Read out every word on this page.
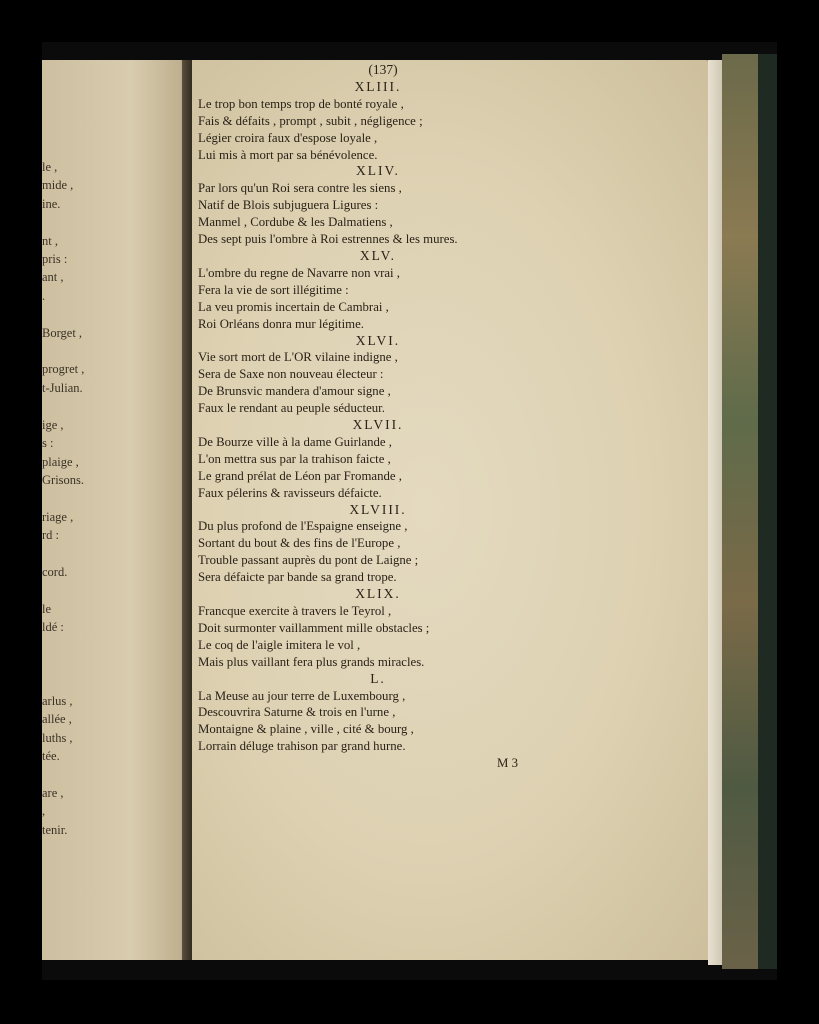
le ,
mide ,
ine.

nt ,
pris :
ant ,
.

Borget ,

progret ,
t-Julian.

ige ,
s :
plaige ,
Grisons.

riage ,
rd :

cord.

le
ldé :

arlus ,
allée ,
luths ,
tée.

are ,
,
tenir.
(137)
XLIII.
Le trop bon temps trop de bonté royale ,
Fais & défaits , prompt , subit , négligence ;
Légier croira faux d'espose loyale ,
Lui mis à mort par sa bénévolence.
XLIV.
Par lors qu'un Roi sera contre les siens ,
Natif de Blois subjuguera Ligures :
Manmel , Cordube & les Dalmatiens ,
Des sept puis l'ombre à Roi estrennes & les mures.
XLV.
L'ombre du regne de Navarre non vrai ,
Fera la vie de sort illégitime :
La veu promis incertain de Cambrai ,
Roi Orléans donra mur légitime.
XLVI.
Vie sort mort de L'OR vilaine indigne ,
Sera de Saxe non nouveau électeur :
De Brunsvic mandera d'amour signe ,
Faux le rendant au peuple séducteur.
XLVII.
De Bourze ville à la dame Guirlande ,
L'on mettra sus par la trahison faicte ,
Le grand prélat de Léon par Fromande ,
Faux pélerins & ravisseurs défaicte.
XLVIII.
Du plus profond de l'Espaigne enseigne ,
Sortant du bout & des fins de l'Europe ,
Trouble passant auprès du pont de Laigne ;
Sera défaicte par bande sa grand trope.
XLIX.
Francque exercite à travers le Teyrol ,
Doit surmonter vaillamment mille obstacles ;
Le coq de l'aigle imitera le vol ,
Mais plus vaillant fera plus grands miracles.
L.
La Meuse au jour terre de Luxembourg ,
Descouvrira Saturne & trois en l'urne ,
Montaigne & plaine , ville , cité & bourg ,
Lorrain déluge trahison par grand hurne.
M 3
